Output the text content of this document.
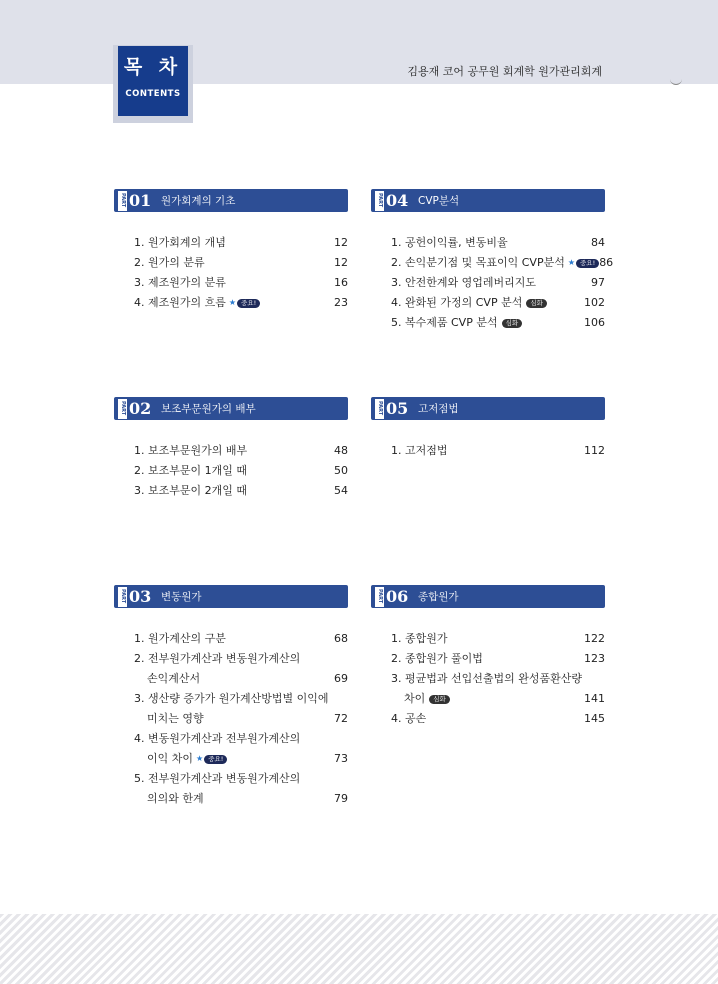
목 차
CONTENTS
김용재 코어 공무원 회계학 원가관리회계
PART 01 원가회계의 기초
1. 원가회계의 개념	12
2. 원가의 분류	12
3. 제조원가의 분류	16
4. 제조원가의 흐름 ★ 중요!	23
PART 02 보조부문원가의 배부
1. 보조부문원가의 배부	48
2. 보조부문이 1개일 때	50
3. 보조부문이 2개일 때	54
PART 03 변동원가
1. 원가계산의 구분	68
2. 전부원가계산과 변동원가계산의
손익계산서	69
3. 생산량 증가가 원가계산방법별 이익에
미치는 영향	72
4. 변동원가계산과 전부원가계산의
이익 차이 ★ 중요!	73
5. 전부원가계산과 변동원가계산의
의의와 한계	79
PART 04 CVP분석
1. 공헌이익률, 변동비율	84
2. 손익분기점 및 목표이익 CVP분석 ★ 중요! 86
3. 안전한계와 영업레버리지도	97
4. 완화된 가정의 CVP 분석	심화	102
5. 복수제품 CVP 분석	심화	106
PART 05 고저점법
1. 고저점법	112
PART 06 종합원가
1. 종합원가	122
2. 종합원가 풀이법	123
3. 평균법과 선입선출법의 완성품환산량
차이	심화	141
4. 공손	145
